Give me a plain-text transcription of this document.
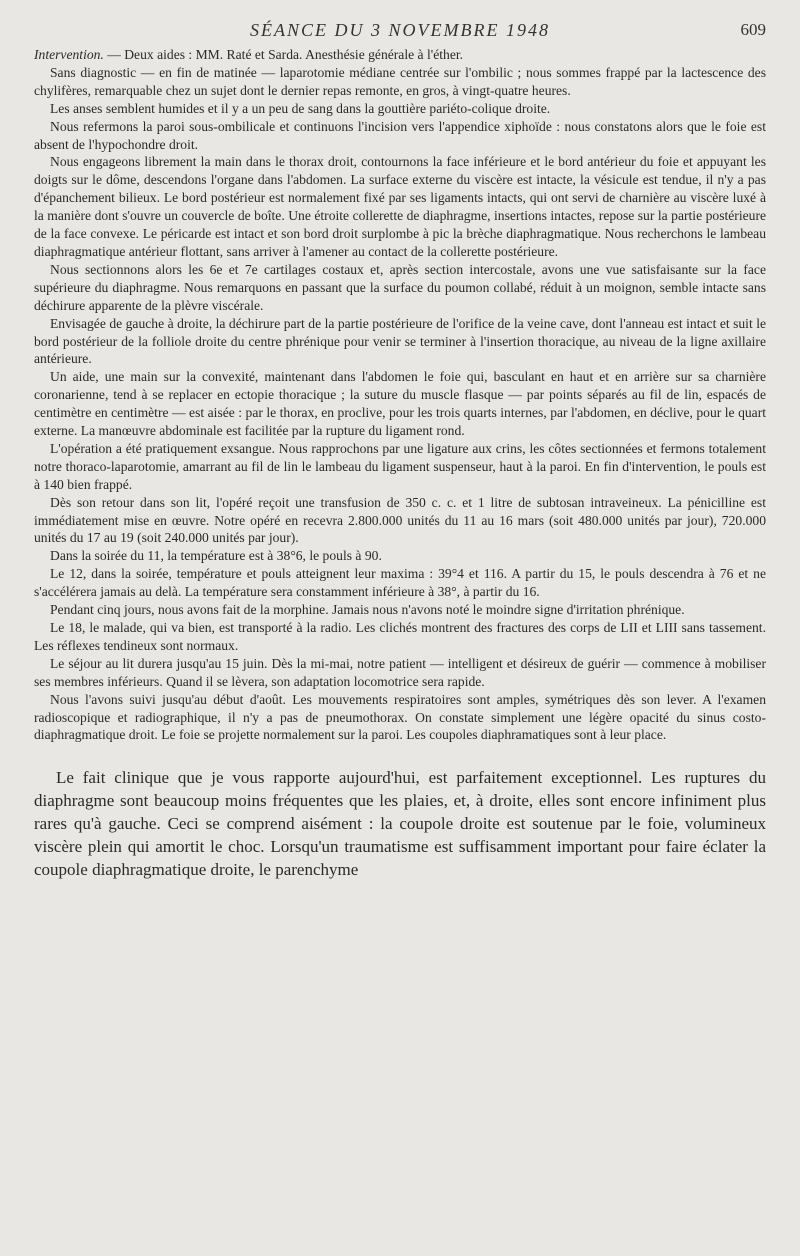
SÉANCE DU 3 NOVEMBRE 1948	609

Intervention. — Deux aides : MM. Raté et Sarda. Anesthésie générale à l'éther.

Sans diagnostic — en fin de matinée — laparotomie médiane centrée sur l'ombilic ; nous sommes frappé par la lactescence des chylifères, remarquable chez un sujet dont le dernier repas remonte, en gros, à vingt-quatre heures.

Les anses semblent humides et il y a un peu de sang dans la gouttière pariéto-colique droite.

Nous refermons la paroi sous-ombilicale et continuons l'incision vers l'appendice xiphoïde : nous constatons alors que le foie est absent de l'hypochondre droit.

Nous engageons librement la main dans le thorax droit, contournons la face inférieure et le bord antérieur du foie et appuyant les doigts sur le dôme, descendons l'organe dans l'abdomen. La surface externe du viscère est intacte, la vésicule est tendue, il n'y a pas d'épanchement bilieux. Le bord postérieur est normalement fixé par ses ligaments intacts, qui ont servi de charnière au viscère luxé à la manière dont s'ouvre un couvercle de boîte. Une étroite collerette de diaphragme, insertions intactes, repose sur la partie postérieure de la face convexe. Le péricarde est intact et son bord droit surplombe à pic la brèche diaphragmatique. Nous recherchons le lambeau diaphragmatique antérieur flottant, sans arriver à l'amener au contact de la collerette postérieure.

Nous sectionnons alors les 6e et 7e cartilages costaux et, après section intercostale, avons une vue satisfaisante sur la face supérieure du diaphragme. Nous remarquons en passant que la surface du poumon collabé, réduit à un moignon, semble intacte sans déchirure apparente de la plèvre viscérale.

Envisagée de gauche à droite, la déchirure part de la partie postérieure de l'orifice de la veine cave, dont l'anneau est intact et suit le bord postérieur de la folliole droite du centre phrénique pour venir se terminer à l'insertion thoracique, au niveau de la ligne axillaire antérieure.

Un aide, une main sur la convexité, maintenant dans l'abdomen le foie qui, basculant en haut et en arrière sur sa charnière coronarienne, tend à se replacer en ectopie thoracique ; la suture du muscle flasque — par points séparés au fil de lin, espacés de centimètre en centimètre — est aisée : par le thorax, en proclive, pour les trois quarts internes, par l'abdomen, en déclive, pour le quart externe. La manœuvre abdominale est facilitée par la rupture du ligament rond.

L'opération a été pratiquement exsangue. Nous rapprochons par une ligature aux crins, les côtes sectionnées et fermons totalement notre thoraco-laparotomie, amarrant au fil de lin le lambeau du ligament suspenseur, haut à la paroi. En fin d'intervention, le pouls est à 140 bien frappé.

Dès son retour dans son lit, l'opéré reçoit une transfusion de 350 c. c. et 1 litre de subtosan intraveineux. La pénicilline est immédiatement mise en œuvre. Notre opéré en recevra 2.800.000 unités du 11 au 16 mars (soit 480.000 unités par jour), 720.000 unités du 17 au 19 (soit 240.000 unités par jour).

Dans la soirée du 11, la température est à 38°6, le pouls à 90.

Le 12, dans la soirée, température et pouls atteignent leur maxima : 39°4 et 116. A partir du 15, le pouls descendra à 76 et ne s'accélérera jamais au delà. La température sera constamment inférieure à 38°, à partir du 16.

Pendant cinq jours, nous avons fait de la morphine. Jamais nous n'avons noté le moindre signe d'irritation phrénique.

Le 18, le malade, qui va bien, est transporté à la radio. Les clichés montrent des fractures des corps de LII et LIII sans tassement. Les réflexes tendineux sont normaux.

Le séjour au lit durera jusqu'au 15 juin. Dès la mi-mai, notre patient — intelligent et désireux de guérir — commence à mobiliser ses membres inférieurs. Quand il se lèvera, son adaptation locomotrice sera rapide.

Nous l'avons suivi jusqu'au début d'août. Les mouvements respiratoires sont amples, symétriques dès son lever. A l'examen radioscopique et radiographique, il n'y a pas de pneumothorax. On constate simplement une légère opacité du sinus costo-diaphragmatique droit. Le foie se projette normalement sur la paroi. Les coupoles diaphramatiques sont à leur place.

Le fait clinique que je vous rapporte aujourd'hui, est parfaitement exceptionnel. Les ruptures du diaphragme sont beaucoup moins fréquentes que les plaies, et, à droite, elles sont encore infiniment plus rares qu'à gauche. Ceci se comprend aisément : la coupole droite est soutenue par le foie, volumineux viscère plein qui amortit le choc. Lorsqu'un traumatisme est suffisamment important pour faire éclater la coupole diaphragmatique droite, le parenchyme
